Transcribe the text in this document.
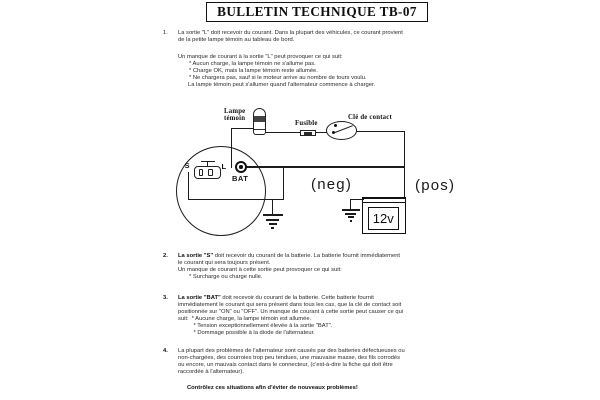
BULLETIN TECHNIQUE TB-07
1. La sortie "L" doit recevoir du courant. Dans la plupart des véhicules, ce courant provient
de la petite lampe témoin au tableau de bord.
Un manque de courant à la sortie "L" peut provoquer ce qui suit:
* Aucun charge, la lampe témoin ne s'allume pas.
* Charge OK, mais la lampe témoin reste allumée.
* Ne chargera pas, sauf si le moteur arrive au nombre de tours voulu.
La lampe témoin peut s'allumer quand l'alternateur commence à charger.
Lampe
témoin
Fusible
Clé de contact
S	L
BAT	(neg)	(pos)
12v
2. La sortie "S" doit recevoir du courant de la batterie. La batterie fournit immédiatement
le courant qui sera toujours présent.
Un manque de courant à cette sortie peut provoquer ce qui suit:
* Surcharge ou charge nulle.
3. La sortie "BAT" doit recevoir du courant de la batterie. Cette batterie fournit
immédiatement le courant qui sera présent dans tous les cas, que la clé de contact soit
positionnée sur "ON" ou "OFF". Un manque de courant à cette sortie peut causer ce qui
suit: * Aucune charge, la lampe témoin est allumée.
* Tension exceptionnellement élevée à la sortie "BAT".
* Dommage possible à la diode de l'alternateur.
4. La plupart des problèmes de l'alternateur sont causés par des batteries défectueuses ou
non-chargées, des courroies trop peu tendues, une mauvaise masse, des fils corrodés
ou encore, un mauvais contact dans le connecteur, (c'est-à-dire la fiche qui doit être
raccordée à l'alternateur).
Contrôlez ces situations afin d'éviter de nouveaux problèmes!
